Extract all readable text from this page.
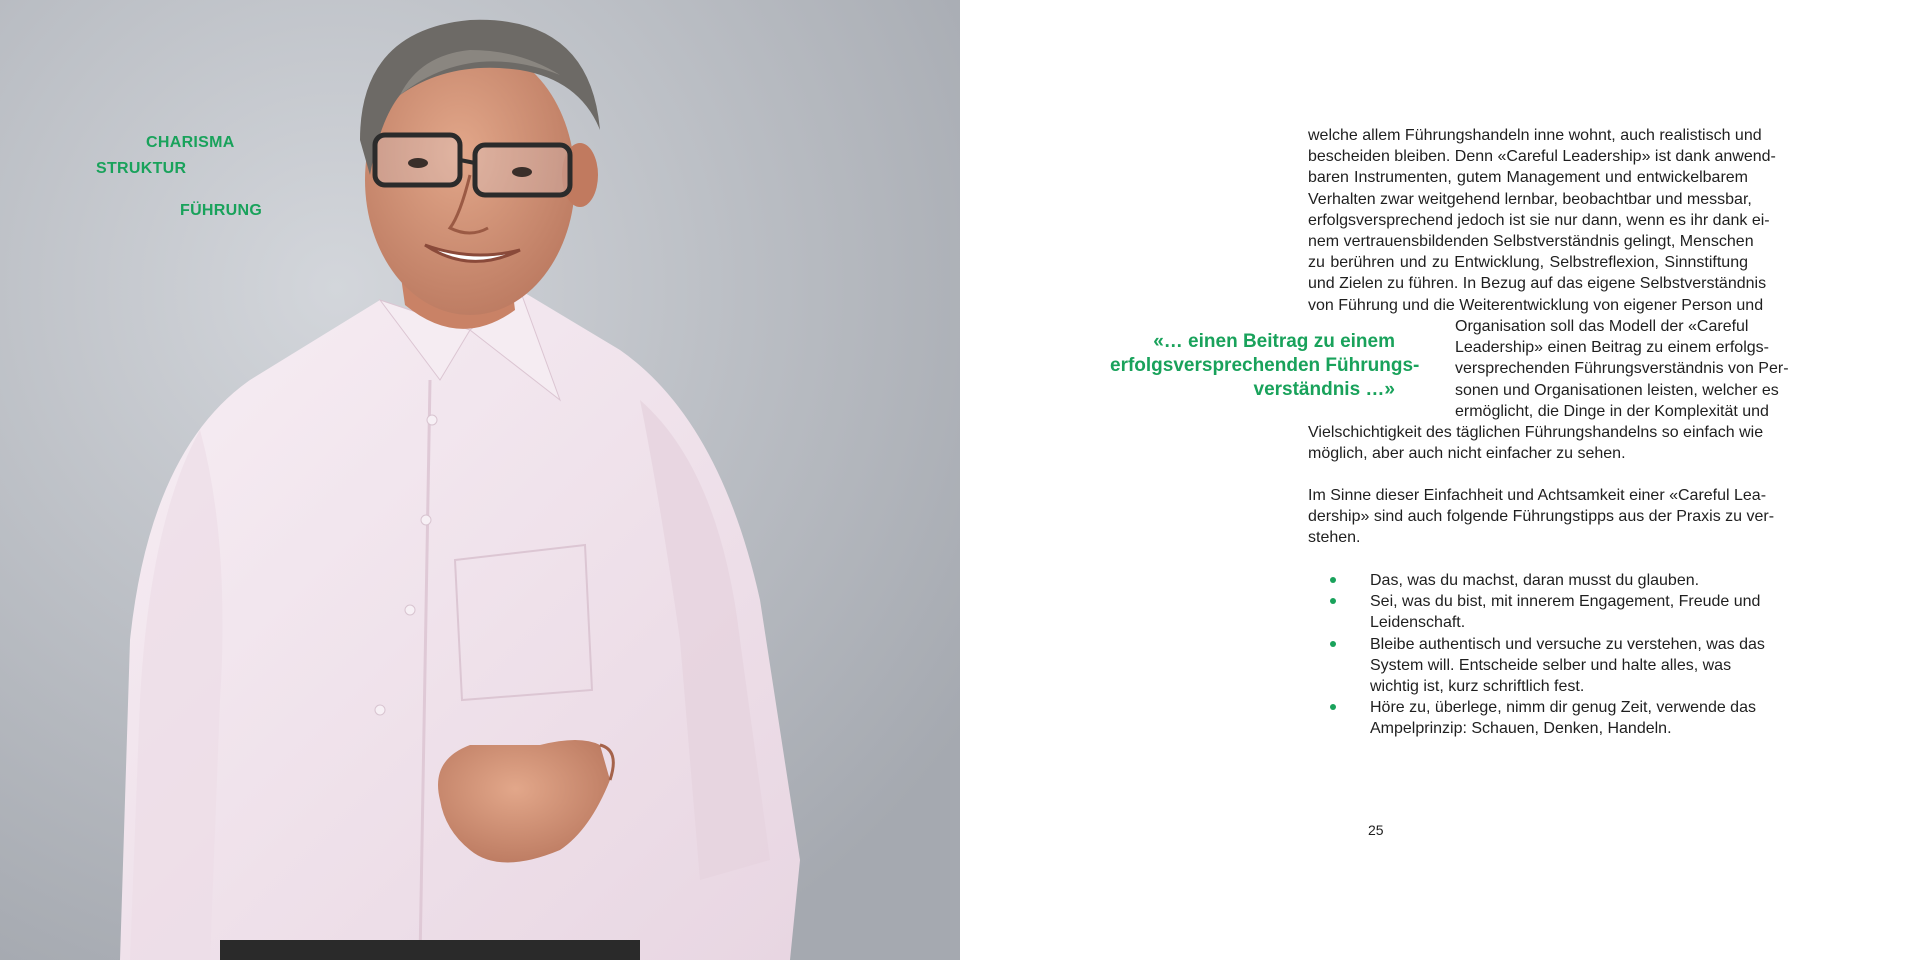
CHARISMA

STRUKTUR

FÜHRUNG

welche allem Führungshandeln inne wohnt, auch realistisch und
bescheiden bleiben. Denn «Careful Leadership» ist dank anwend-
baren Instrumenten, gutem Management und entwickelbarem
Verhalten zwar weitgehend lernbar, beobachtbar und messbar,
erfolgsversprechend jedoch ist sie nur dann, wenn es ihr dank ei-
nem vertrauensbildenden Selbstverständnis gelingt, Menschen
zu berühren und zu Entwicklung, Selbstreflexion, Sinnstiftung
und Zielen zu führen. In Bezug auf das eigene Selbstverständnis
von Führung und die Weiterentwicklung von eigener Person und

«… einen Beitrag zu einem
erfolgsversprechenden Führungs-
verständnis …»

Organisation soll das Modell der «Careful
Leadership» einen Beitrag zu einem erfolgs-
versprechenden Führungsverständnis von Per-
sonen und Organisationen leisten, welcher es
ermöglicht, die Dinge in der Komplexität und

Vielschichtigkeit des täglichen Führungshandelns so einfach wie
möglich, aber auch nicht einfacher zu sehen.

Im Sinne dieser Einfachheit und Achtsamkeit einer «Careful Lea-
dership» sind auch folgende Führungstipps aus der Praxis zu ver-
stehen.

Das, was du machst, daran musst du glauben.
Sei, was du bist, mit innerem Engagement, Freude und
Leidenschaft.
Bleibe authentisch und versuche zu verstehen, was das
System will. Entscheide selber und halte alles, was
wichtig ist, kurz schriftlich fest.
Höre zu, überlege, nimm dir genug Zeit, verwende das
Ampelprinzip: Schauen, Denken, Handeln.

25
